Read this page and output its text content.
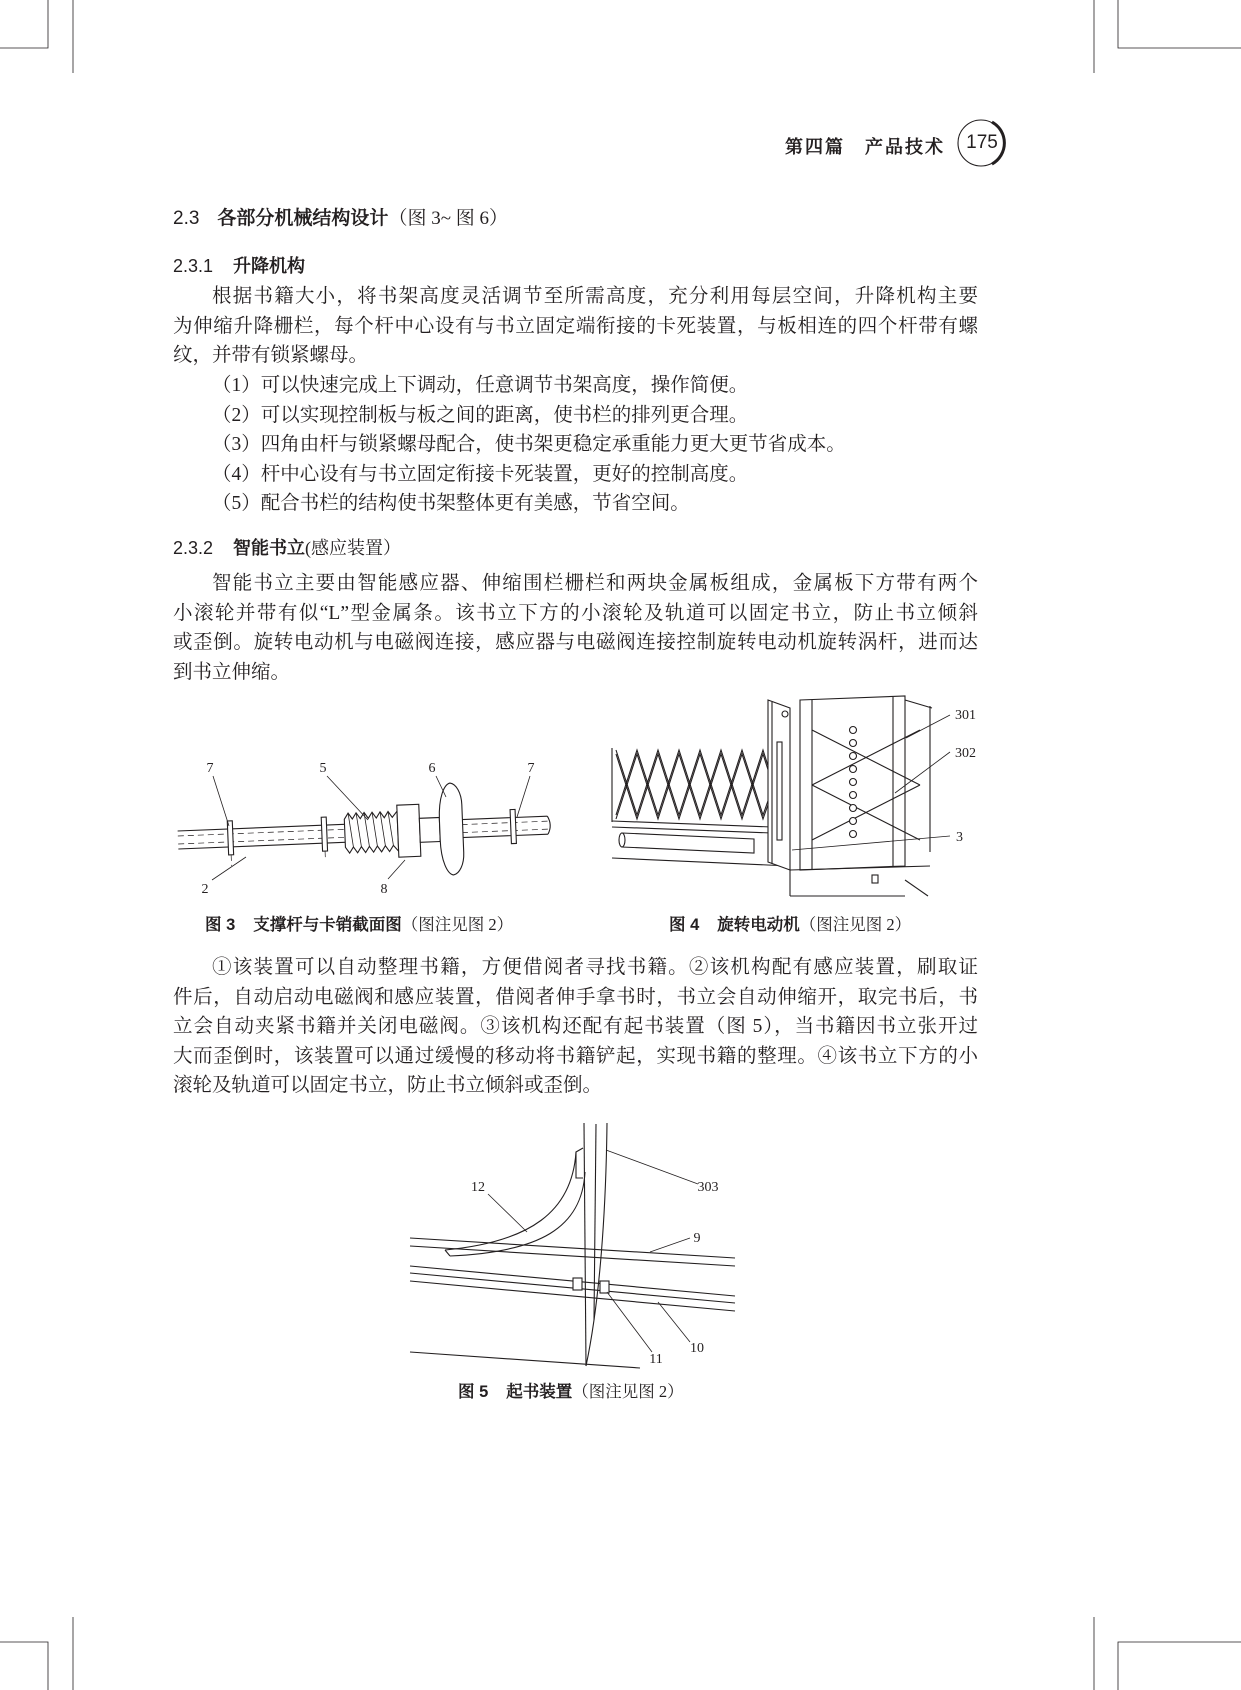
第四篇　产品技术	175
2.3 各部分机械结构设计（图 3~ 图 6）
2.3.1 升降机构
根据书籍大小，将书架高度灵活调节至所需高度，充分利用每层空间，升降机构主要
为伸缩升降栅栏，每个杆中心设有与书立固定端衔接的卡死装置，与板相连的四个杆带有螺
纹，并带有锁紧螺母。
（1）可以快速完成上下调动，任意调节书架高度，操作简便。
（2）可以实现控制板与板之间的距离，使书栏的排列更合理。
（3）四角由杆与锁紧螺母配合，使书架更稳定承重能力更大更节省成本。
（4）杆中心设有与书立固定衔接卡死装置，更好的控制高度。
（5）配合书栏的结构使书架整体更有美感，节省空间。
2.3.2 智能书立(感应装置）
智能书立主要由智能感应器、伸缩围栏栅栏和两块金属板组成，金属板下方带有两个
小滚轮并带有似“L”型金属条。该书立下方的小滚轮及轨道可以固定书立，防止书立倾斜
或歪倒。旋转电动机与电磁阀连接，感应器与电磁阀连接控制旋转电动机旋转涡杆，进而达
到书立伸缩。
7	5	6	7
2	8
301
302
3
图 3 支撑杆与卡销截面图（图注见图 2）	图 4 旋转电动机（图注见图 2）
①该装置可以自动整理书籍，方便借阅者寻找书籍。②该机构配有感应装置，刷取证
件后，自动启动电磁阀和感应装置，借阅者伸手拿书时，书立会自动伸缩开，取完书后，书
立会自动夹紧书籍并关闭电磁阀。③该机构还配有起书装置（图 5），当书籍因书立张开过
大而歪倒时，该装置可以通过缓慢的移动将书籍铲起，实现书籍的整理。④该书立下方的小
滚轮及轨道可以固定书立，防止书立倾斜或歪倒。
12	303
9
10
11
图 5 起书装置（图注见图 2）
